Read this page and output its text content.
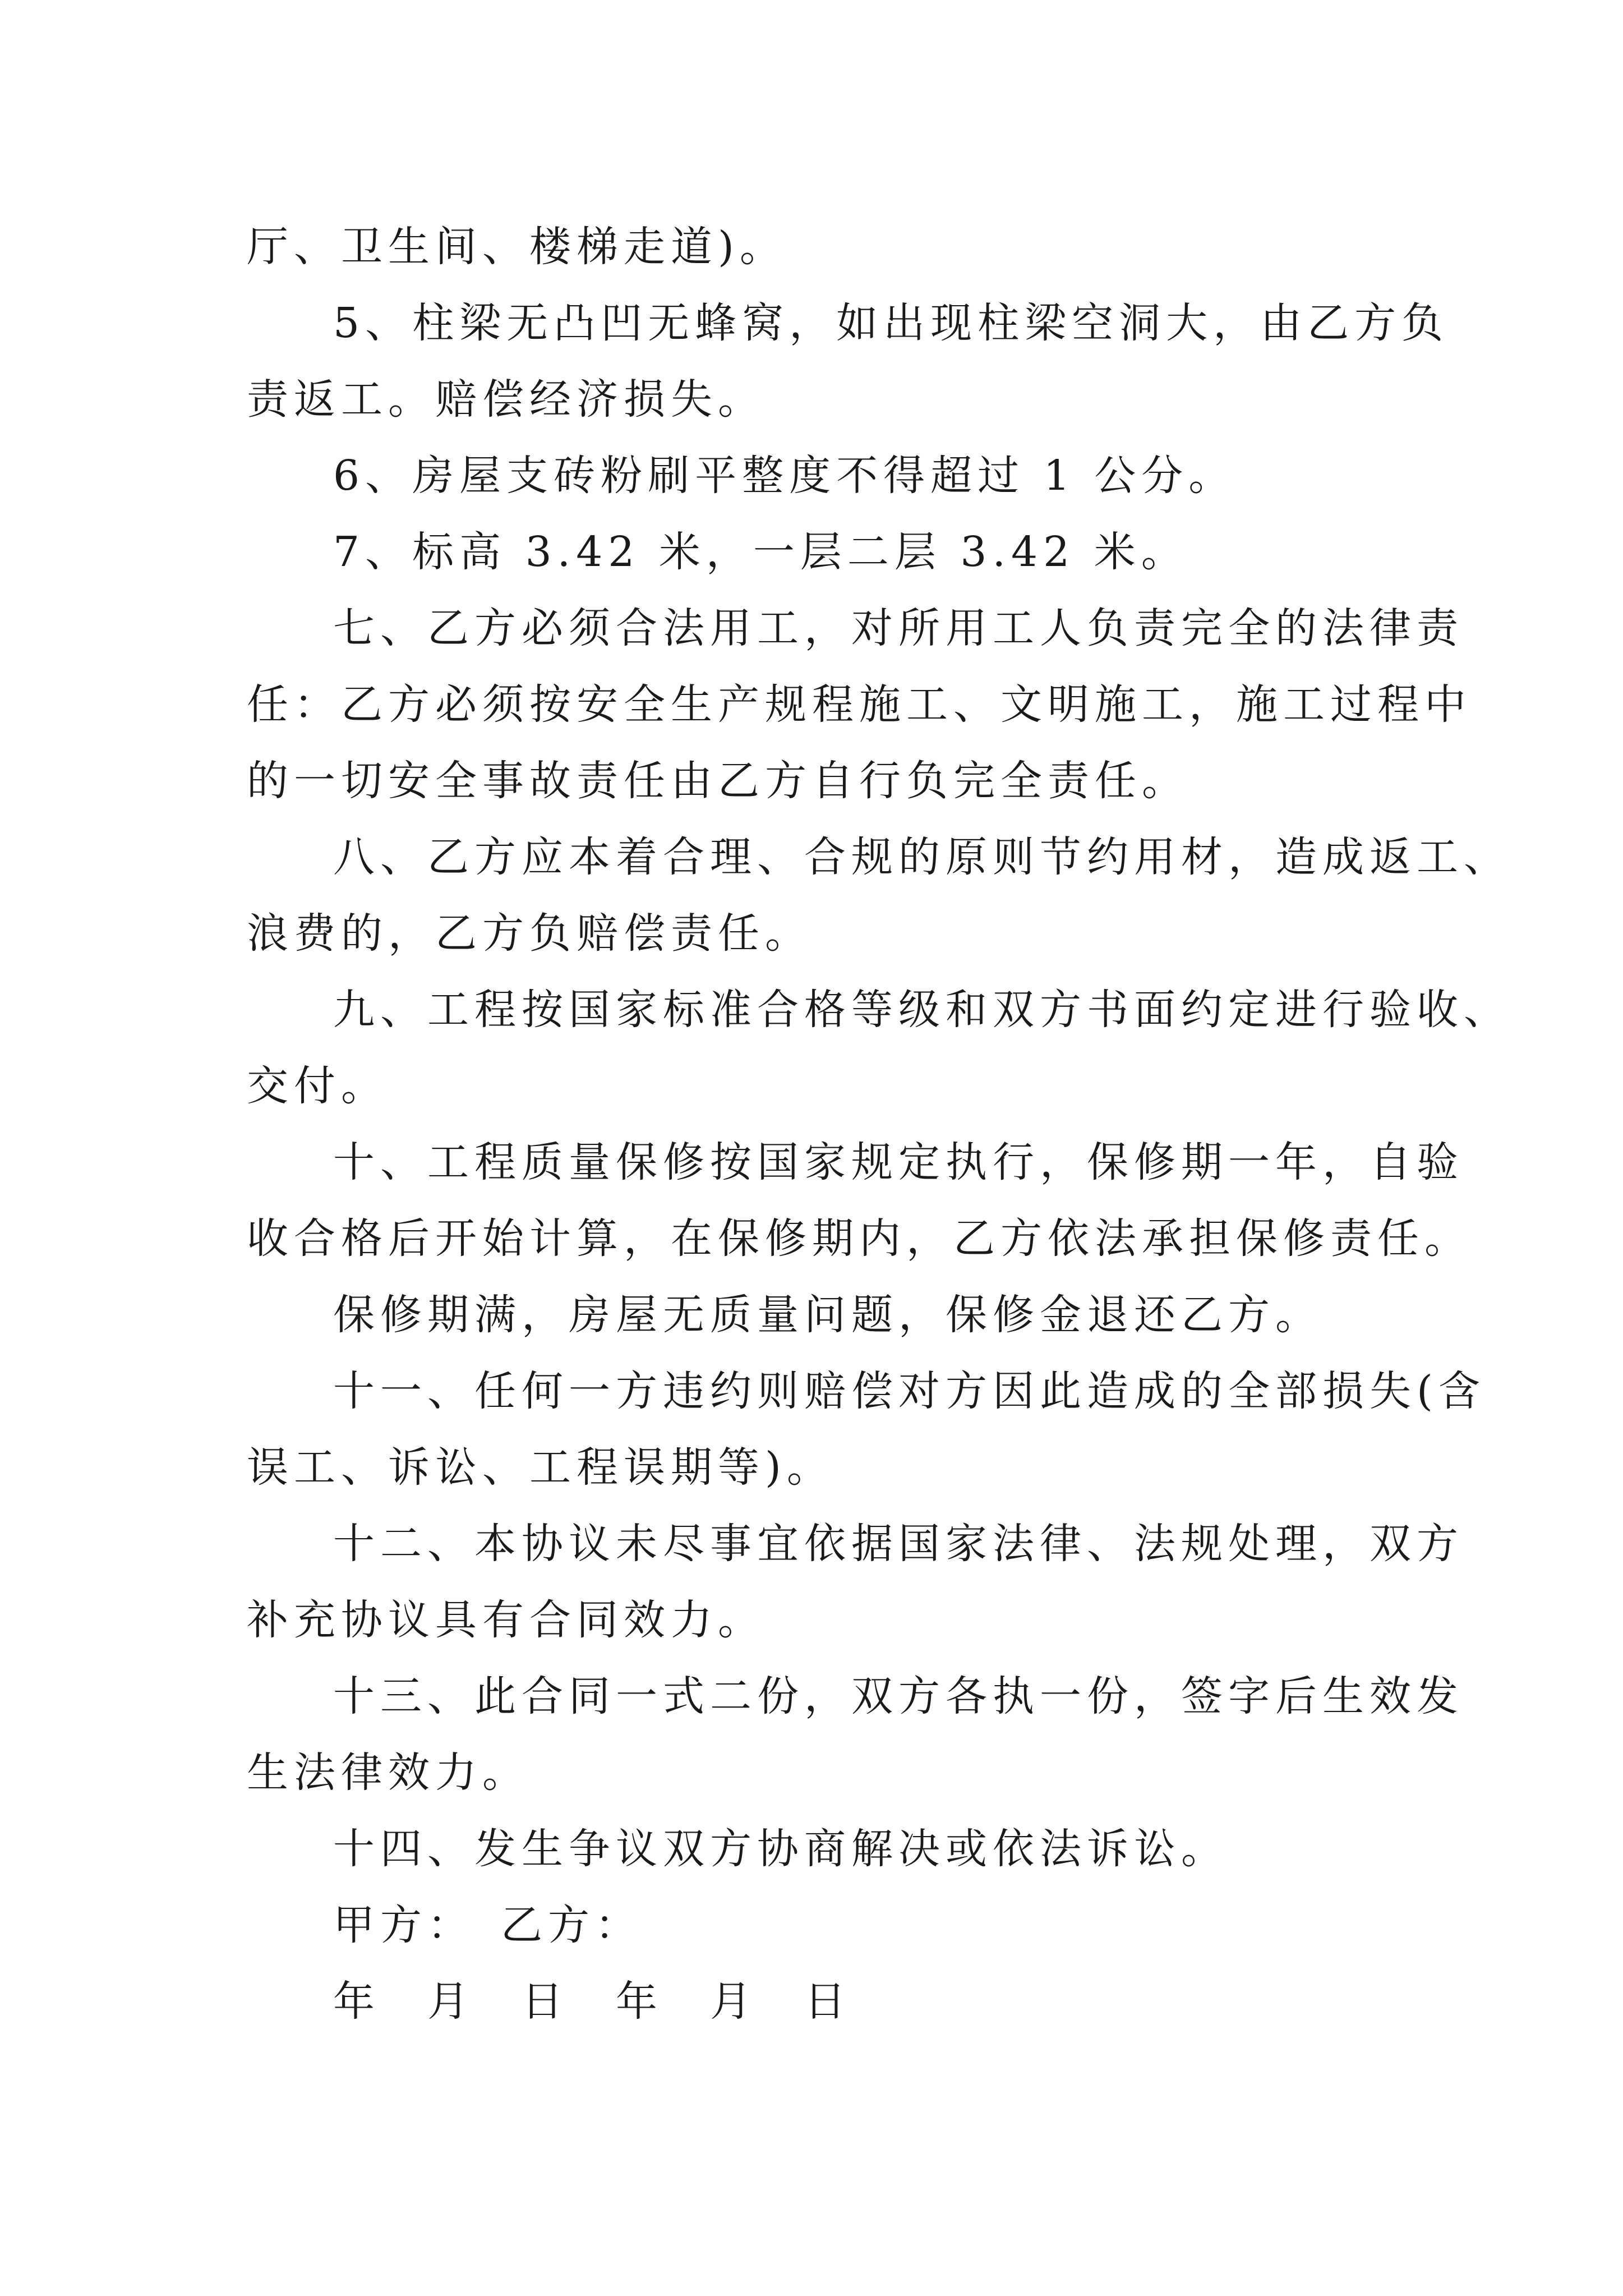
厅、卫生间、楼梯走道)。
5、柱梁无凸凹无蜂窝，如出现柱梁空洞大，由乙方负
责返工。赔偿经济损失。
6、房屋支砖粉刷平整度不得超过 1 公分。
7、标高 3.42 米，一层二层 3.42 米。
七、乙方必须合法用工，对所用工人负责完全的法律责
任：乙方必须按安全生产规程施工、文明施工，施工过程中
的一切安全事故责任由乙方自行负完全责任。
八、乙方应本着合理、合规的原则节约用材，造成返工、
浪费的，乙方负赔偿责任。
九、工程按国家标准合格等级和双方书面约定进行验收、
交付。
十、工程质量保修按国家规定执行，保修期一年，自验
收合格后开始计算，在保修期内，乙方依法承担保修责任。
保修期满，房屋无质量问题，保修金退还乙方。
十一、任何一方违约则赔偿对方因此造成的全部损失(含
误工、诉讼、工程误期等)。
十二、本协议未尽事宜依据国家法律、法规处理，双方
补充协议具有合同效力。
十三、此合同一式二份，双方各执一份，签字后生效发
生法律效力。
十四、发生争议双方协商解决或依法诉讼。
甲方：　乙方：
年　月　日　年　月　日
